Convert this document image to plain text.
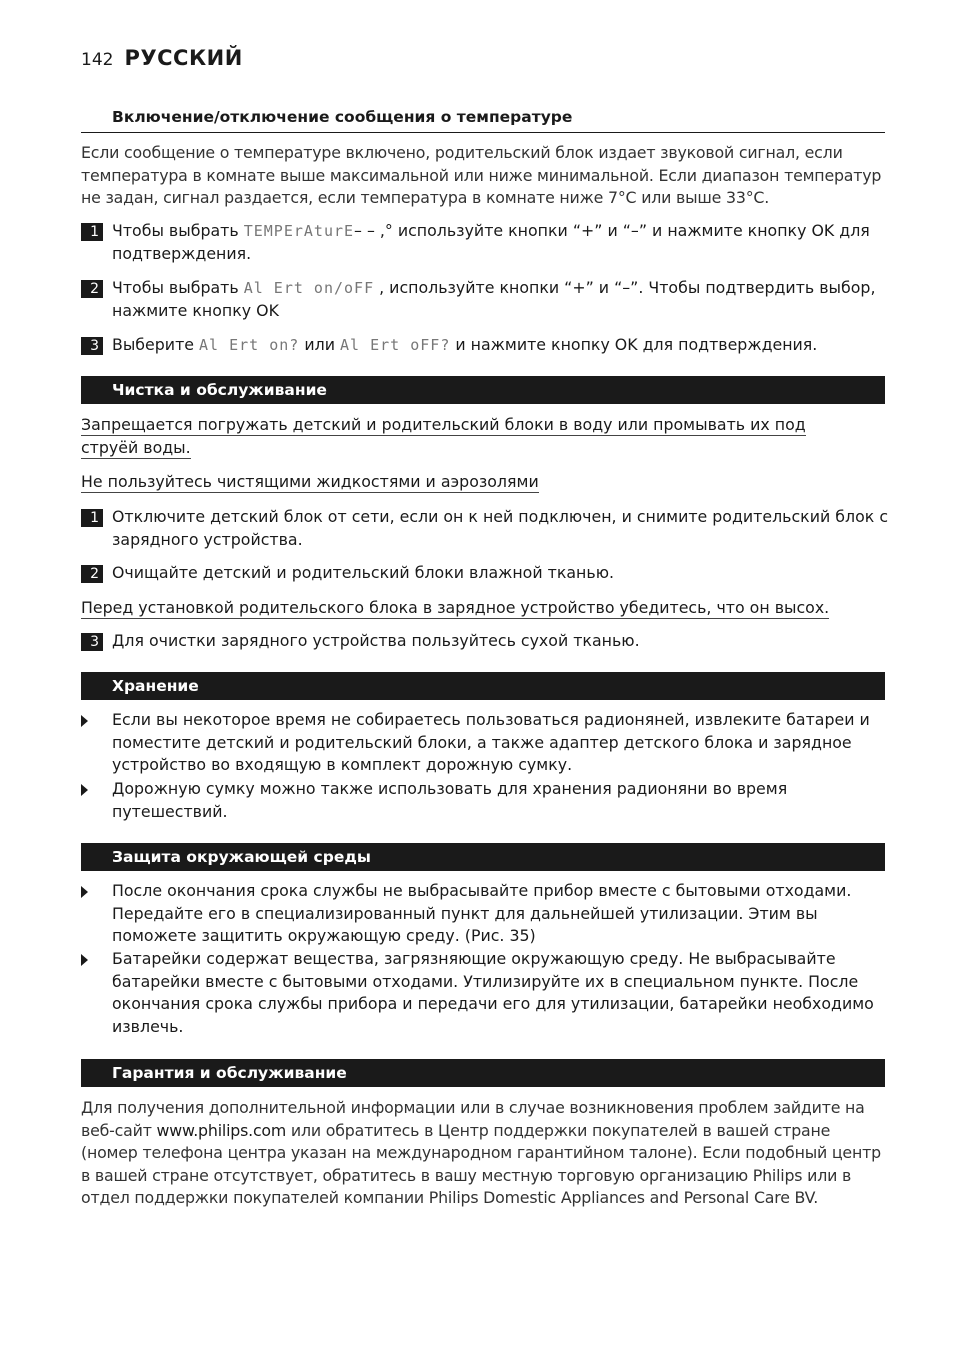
142 РУССКИЙ
Включение/отключение сообщения о температуре
Если сообщение о температуре включено, родительский блок издает звуковой сигнал, если температура в комнате выше максимальной или ниже минимальной. Если диапазон температур не задан, сигнал раздается, если температура в комнате ниже 7°C или выше 33°C.
1 Чтобы выбрать TEMPErAturE– – ,° используйте кнопки “+” и “–” и нажмите кнопку OK для подтверждения.
2 Чтобы выбрать Al Ert on/oFF , используйте кнопки “+” и “–”. Чтобы подтвердить выбор, нажмите кнопку OK
3 Выберите Al Ert on? или Al Ert oFF? и нажмите кнопку OK для подтверждения.
Чистка и обслуживание
Запрещается погружать детский и родительский блоки в воду или промывать их под
струёй воды.
Не пользуйтесь чистящими жидкостями и аэрозолями
1 Отключите детский блок от сети, если он к ней подключен, и снимите родительский блок с зарядного устройства.
2 Очищайте детский и родительский блоки влажной тканью.
Перед установкой родительского блока в зарядное устройство убедитесь, что он высох.
3 Для очистки зарядного устройства пользуйтесь сухой тканью.
Хранение
Если вы некоторое время не собираетесь пользоваться радионяней, извлеките батареи и поместите детский и родительский блоки, а также адаптер детского блока и зарядное устройство во входящую в комплект дорожную сумку.
Дорожную сумку можно также использовать для хранения радионяни во время путешествий.
Защита окружающей среды
После окончания срока службы не выбрасывайте прибор вместе с бытовыми отходами. Передайте его в специализированный пункт для дальнейшей утилизации. Этим вы поможете защитить окружающую среду. (Рис. 35)
Батарейки содержат вещества, загрязняющие окружающую среду. Не выбрасывайте батарейки вместе с бытовыми отходами. Утилизируйте их в специальном пункте. После окончания срока службы прибора и передачи его для утилизации, батарейки необходимо извлечь.
Гарантия и обслуживание
Для получения дополнительной информации или в случае возникновения проблем зайдите на веб-сайт www.philips.com или обратитесь в Центр поддержки покупателей в вашей стране (номер телефона центра указан на международном гарантийном талоне). Если подобный центр в вашей стране отсутствует, обратитесь в вашу местную торговую организацию Philips или в отдел поддержки покупателей компании Philips Domestic Appliances and Personal Care BV.
